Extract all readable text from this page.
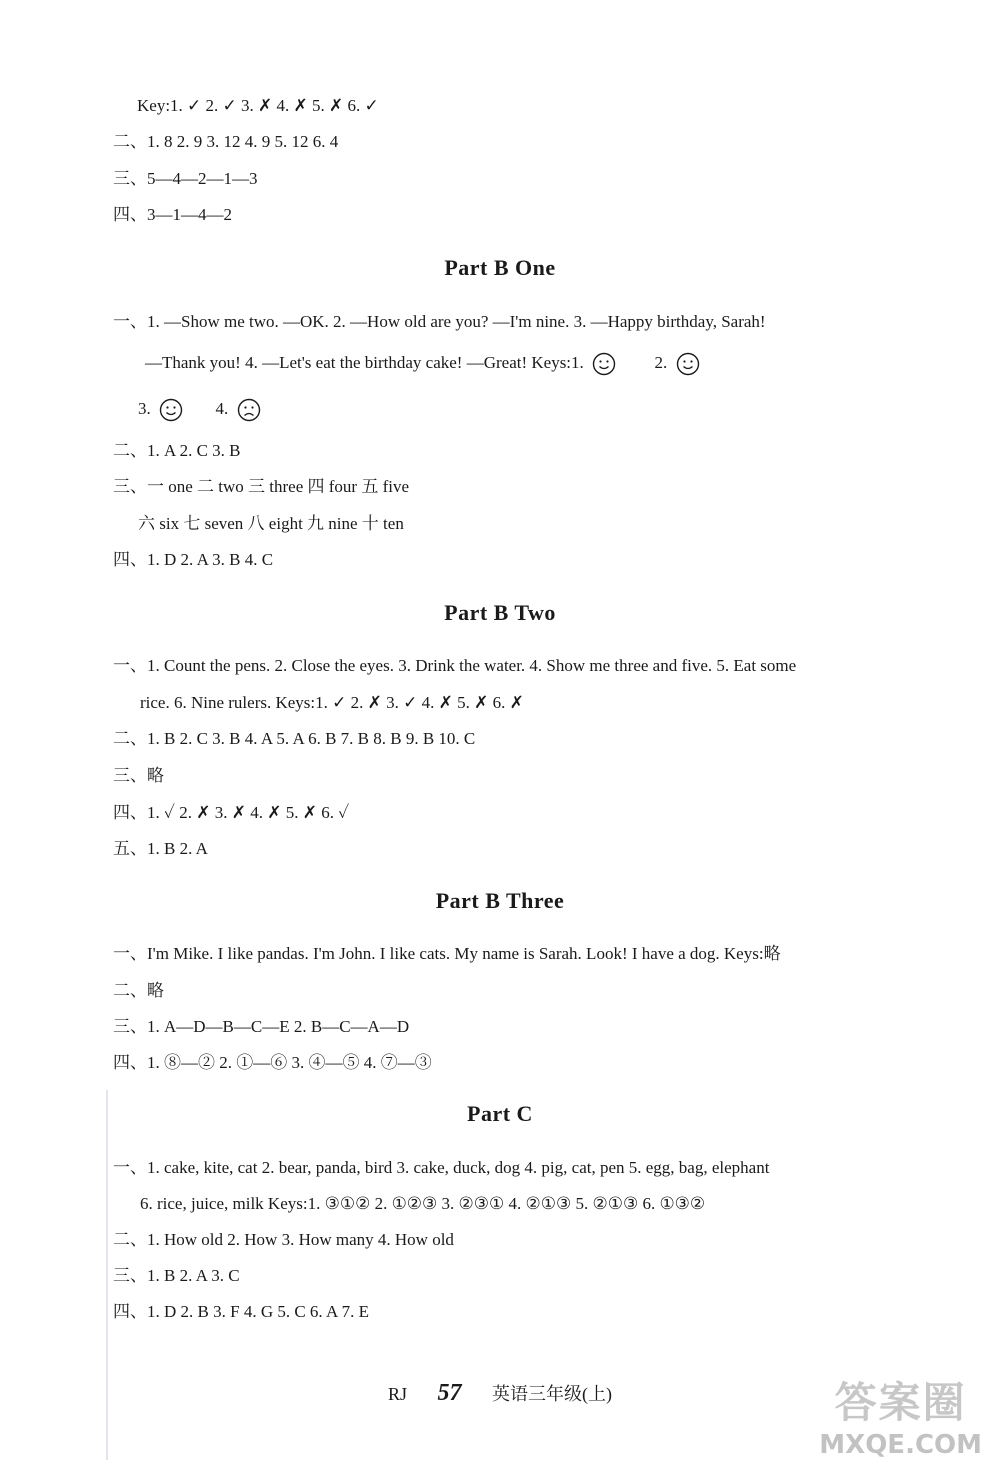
Key:1. ✓ 2. ✓ 3. ✗ 4. ✗ 5. ✗ 6. ✓
二、1. 8 2. 9 3. 12 4. 9 5. 12 6. 4
三、5—4—2—1—3
四、3—1—4—2
Part B One
一、1. —Show me two. —OK. 2. —How old are you? —I'm nine. 3. —Happy birthday, Sarah!
—Thank you! 4. —Let's eat the birthday cake! —Great! Keys:1.	2.
3.	4.
二、1. A 2. C 3. B
三、一 one 二 two 三 three 四 four 五 five
六 six 七 seven 八 eight 九 nine 十 ten
四、1. D 2. A 3. B 4. C
Part B Two
一、1. Count the pens. 2. Close the eyes. 3. Drink the water. 4. Show me three and five. 5. Eat some
rice. 6. Nine rulers. Keys:1. ✓ 2. ✗ 3. ✓ 4. ✗ 5. ✗ 6. ✗
二、1. B 2. C 3. B 4. A 5. A 6. B 7. B 8. B 9. B 10. C
三、略
四、1. ✓ 2. ✗ 3. ✗ 4. ✗ 5. ✗ 6. ✓
五、1. B 2. A
Part B Three
一、I'm Mike. I like pandas. I'm John. I like cats. My name is Sarah. Look! I have a dog. Keys:略
二、略
三、1. A—D—B—C—E 2. B—C—A—D
四、1. ⑧—② 2. ①—⑥ 3. ④—⑤ 4. ⑦—③
Part C
一、1. cake, kite, cat 2. bear, panda, bird 3. cake, duck, dog 4. pig, cat, pen 5. egg, bag, elephant
6. rice, juice, milk Keys:1. ③①② 2. ①②③ 3. ②③① 4. ②①③ 5. ②①③ 6. ①③②
二、1. How old 2. How 3. How many 4. How old
三、1. B 2. A 3. C
四、1. D 2. B 3. F 4. G 5. C 6. A 7. E
RJ 57 英语三年级(上)	答案圈
MXQE.COM
